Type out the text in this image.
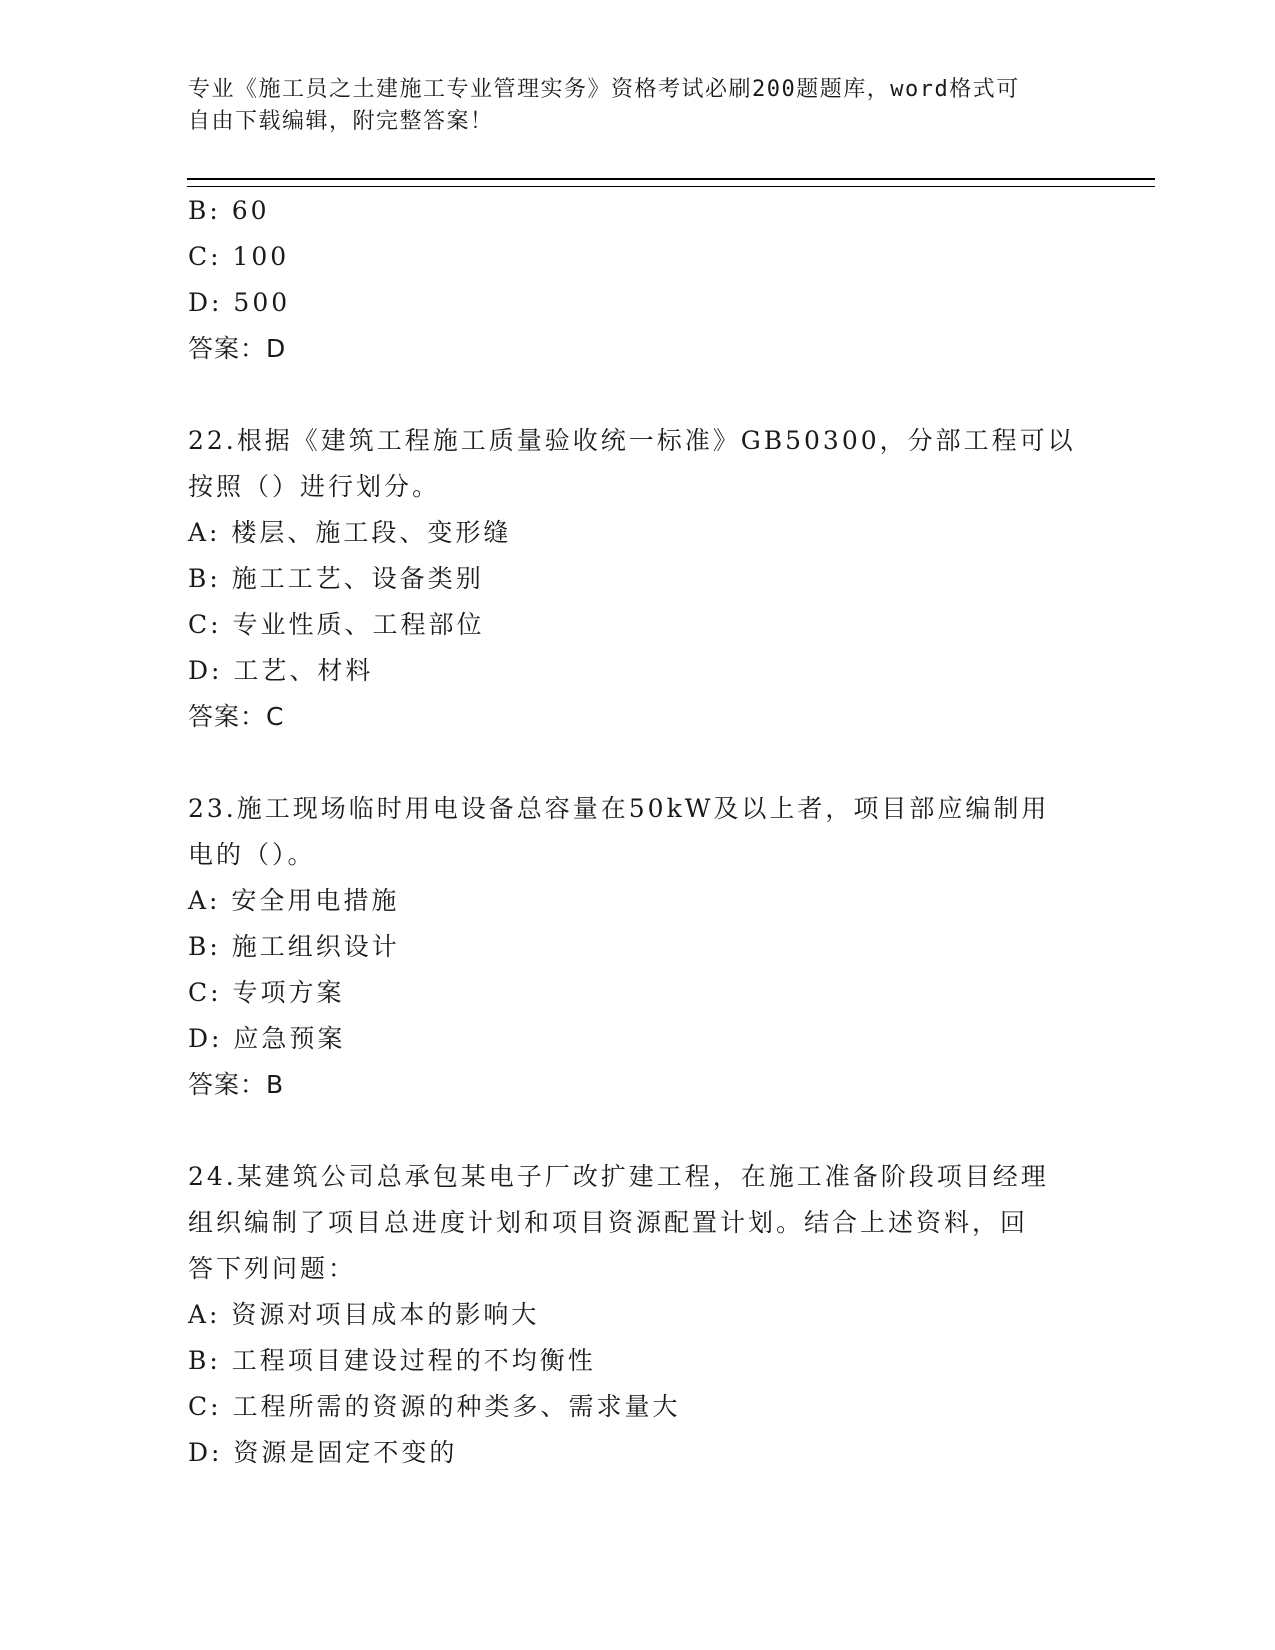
专业《施工员之土建施工专业管理实务》资格考试必刷200题题库，word格式可
自由下载编辑，附完整答案！

B: 60

C: 100

D: 500

答案：D

22.根据《建筑工程施工质量验收统一标准》GB50300，分部工程可以

按照（）进行划分。

A: 楼层、施工段、变形缝

B: 施工工艺、设备类别

C: 专业性质、工程部位

D: 工艺、材料

答案：C

23.施工现场临时用电设备总容量在50kW及以上者，项目部应编制用

电的（）。

A: 安全用电措施

B: 施工组织设计

C: 专项方案

D: 应急预案

答案：B

24.某建筑公司总承包某电子厂改扩建工程，在施工准备阶段项目经理

组织编制了项目总进度计划和项目资源配置计划。结合上述资料，回

答下列问题：

A: 资源对项目成本的影响大

B: 工程项目建设过程的不均衡性

C: 工程所需的资源的种类多、需求量大

D: 资源是固定不变的
